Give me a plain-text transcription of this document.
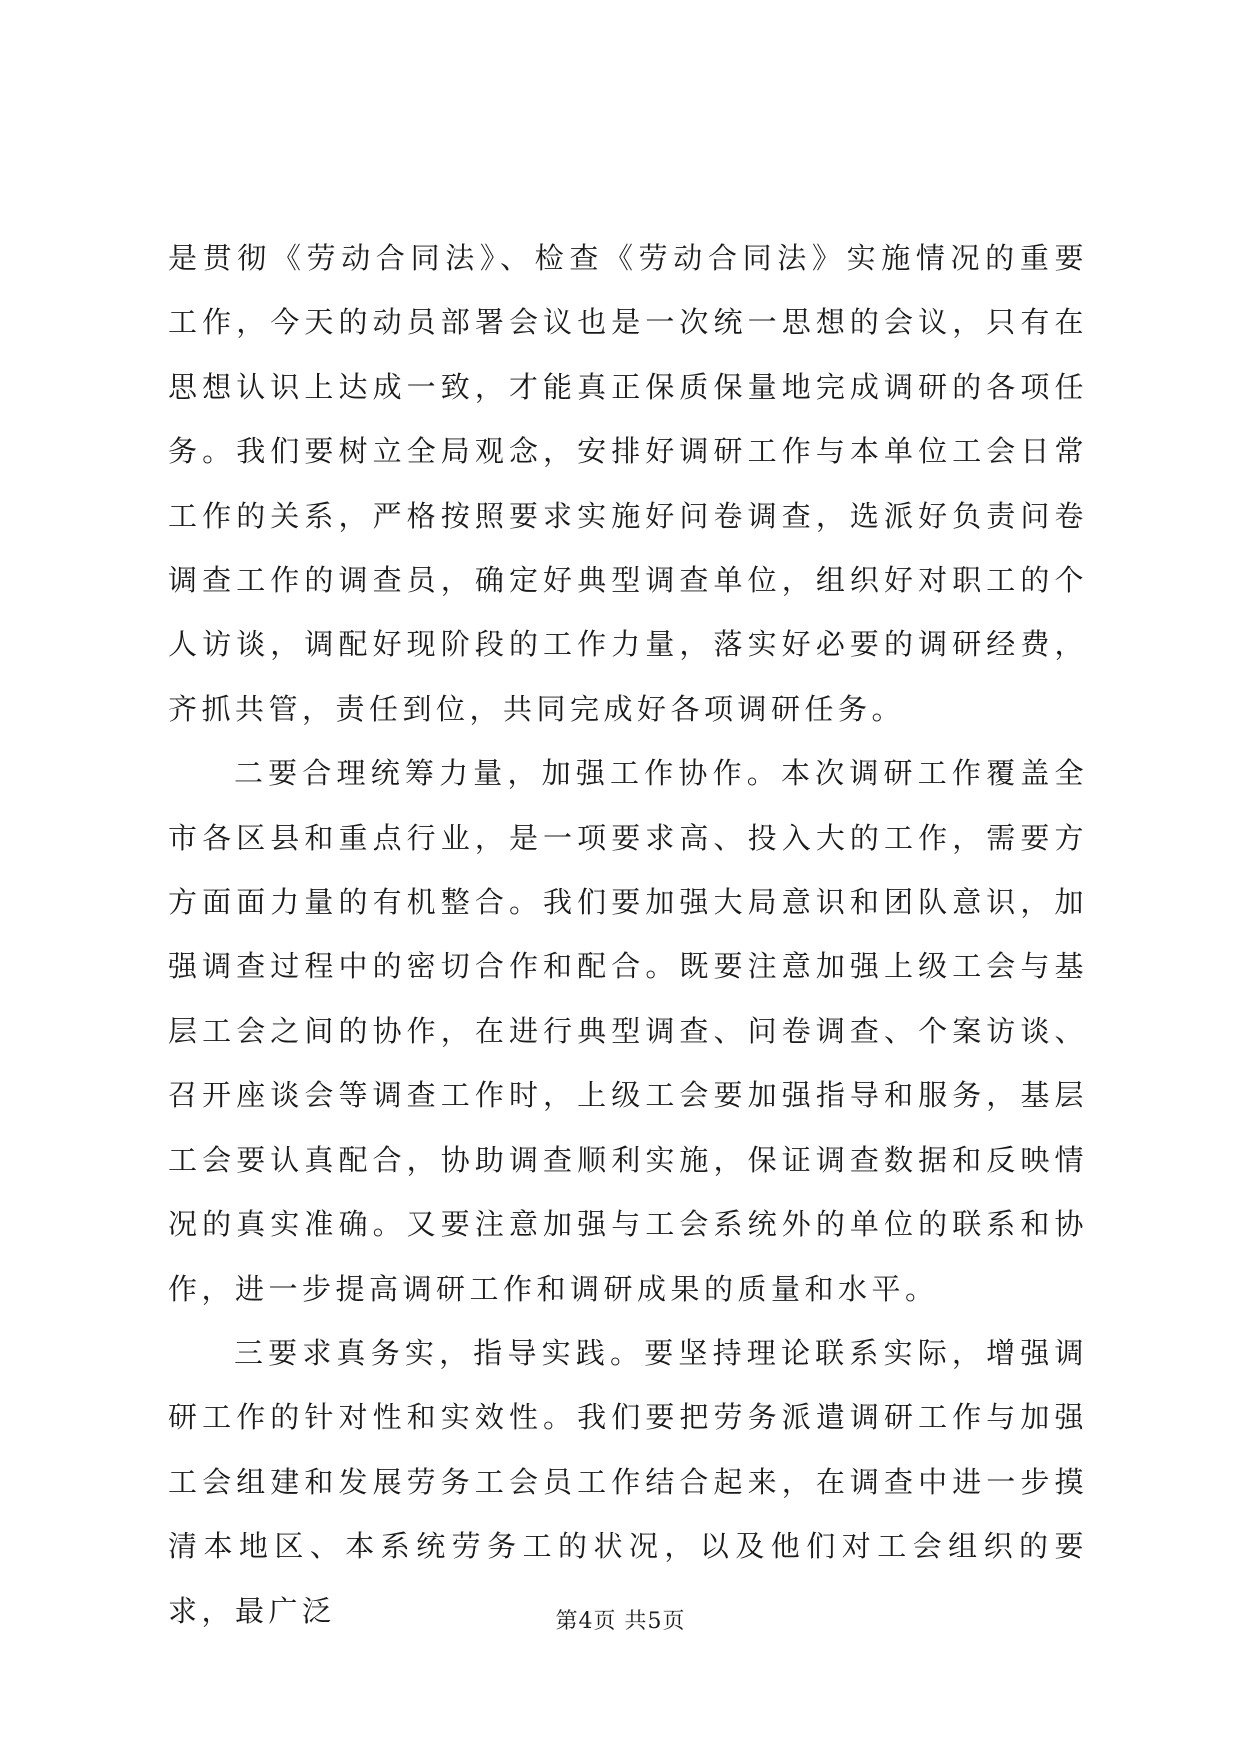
是贯彻《劳动合同法》、检查《劳动合同法》实施情况的重要工作，今天的动员部署会议也是一次统一思想的会议，只有在思想认识上达成一致，才能真正保质保量地完成调研的各项任务。我们要树立全局观念，安排好调研工作与本单位工会日常工作的关系，严格按照要求实施好问卷调查，选派好负责问卷调查工作的调查员，确定好典型调查单位，组织好对职工的个人访谈，调配好现阶段的工作力量，落实好必要的调研经费，齐抓共管，责任到位，共同完成好各项调研任务。

二要合理统筹力量，加强工作协作。本次调研工作覆盖全市各区县和重点行业，是一项要求高、投入大的工作，需要方方面面力量的有机整合。我们要加强大局意识和团队意识，加强调查过程中的密切合作和配合。既要注意加强上级工会与基层工会之间的协作，在进行典型调查、问卷调查、个案访谈、召开座谈会等调查工作时，上级工会要加强指导和服务，基层工会要认真配合，协助调查顺利实施，保证调查数据和反映情况的真实准确。又要注意加强与工会系统外的单位的联系和协作，进一步提高调研工作和调研成果的质量和水平。

三要求真务实，指导实践。要坚持理论联系实际，增强调研工作的针对性和实效性。我们要把劳务派遣调研工作与加强工会组建和发展劳务工会员工作结合起来，在调查中进一步摸清本地区、本系统劳务工的状况，以及他们对工会组织的要求，最广泛	第4页 共5页
